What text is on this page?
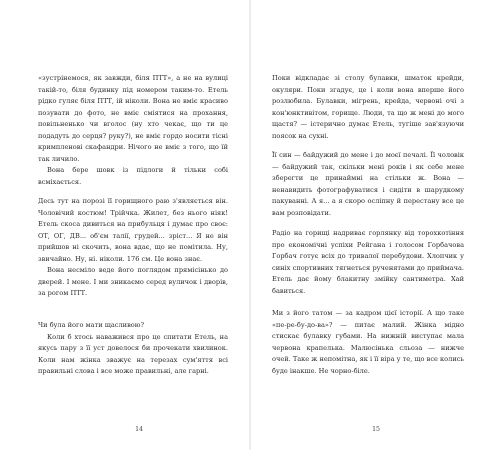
«зустрінемося, як завжди, біля ПТТ», а не на вулиці такій-то, біля будинку під номером таким-то. Етель рідко гуляє біля ПТТ, ій ніколи. Вона не вміє красиво позувати до фото, не вміє сміятися на прохання, повільненько чи вголос (ну хто чекає, що ти це подадуть до серця? руку?), не вміє гордо носити тісні кримпленові скафандри. Нічого не вміє з того, що їй так личило.

Вона бере шовк із підлоги й тільки собі всміхається.

Десь тут на порозі її горищного раю з'являється він. Чоловічий костюм! Трійчка. Жилет, без нього ніяк! Етель скоса дивиться на прибульця і думає про своє: ОТ, ОГ, ДВ... об'єм талії, грудей... зріст... Я не він прийшов ні скочить, вона вдає, що не помітила. Ну, звичайно. Ну, ні. ніколи. 176 см. Це вона знає.

Вона несміло веде його поглядом прямісінько до дверей. І мене. І ми зникаємо серед вуличок і дворів, за рогом ПТТ.

Чи була його мати щасливою?

Коли б хтось наважився про це спитати Етель, на якусь пару з її уст довелося би прочекати хвилинок. Коли нам жінка зважує на терезах сум'яття всі правильні слова і все може правильні, але гарні.

14

Поки відкладає зі столу булавки, шматок крейди, окуляри. Поки згадує, це і коли вона вперше його розлюбила. Булавки, мігрень, крейда, червоні очі з кон'юнктивітом, горище. Люди, та що ж мені до мого щастя? — істерично думає Етель, тугіше зав'язуючи поясок на сухні.

Її син — байдужий до мене і до моєї печалі. Її чоловік — байдужий так, скільки мені років і як себе мене зберегти це принаймні на стільки ж. Вона — ненавидить фотографуватися і сидіти в шарудкому пакуванні. А я... а я скоро осліпну й перестану все це вам розповідати.

Радіо на горищі надриває горлянку від торохкотіння про економічні успіхи Рейгана і голосом Горбачова Горбач готує всіх до тривалої перебудови. Хлопчик у синіх спортивних тягнеться рученятами до приймача. Етель дає йому блакитну змійку сантиметра. Хай бавиться.

Ми з його татом — за кадром цієї історії. А що таке «пе-ре-бу-до-ва»? — питає малий. Жінка мідно стискає булавку губами. На нижній виступає мала червона крапелька. Малюсінька сльоза — нижче очей. Таке ж непомітна, як і її віра у те, що все колись буде інакше. Не чорно-біле.

15
